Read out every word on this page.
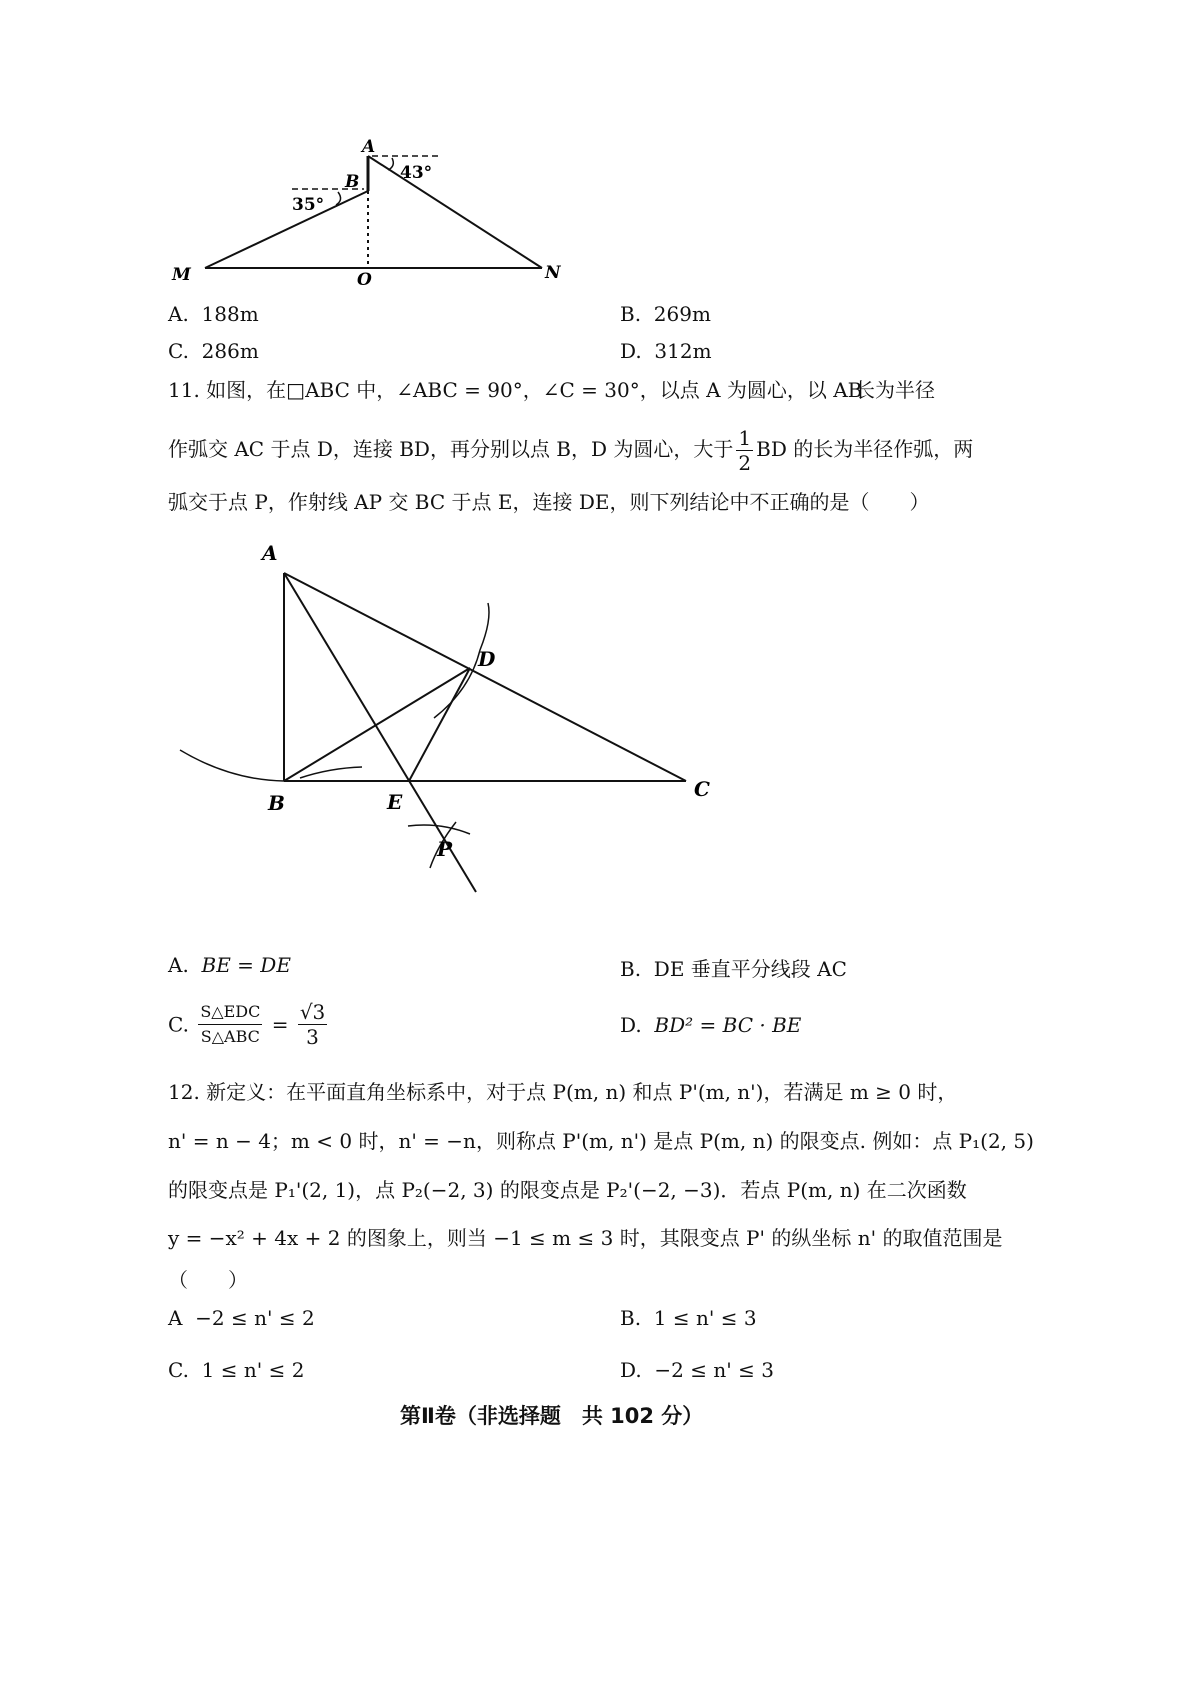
A
B
M	O	N
35°
43°
A. 188m	B. 269m
C. 286m	D. 312m
11. 如图，在□ABC 中，∠ABC = 90°，∠C = 30°，以点 A 为圆心，以 AB
长为半径
作弧交 AC 于点 D，连接 BD，再分别以点 B，D 为圆心，大于 $\frac{1}{2}$ BD 的长为半径作弧，两
弧交于点 P，作射线 AP 交 BC 于点 E，连接 DE，则下列结论中不正确的是（　　）
A
B
C
D
E
P
A. BE = DE	B. DE 垂直平分线段 AC
C. $\frac{\text{S△EDC}}{\text{S△ABC}} = \frac{√3}{3}$	D. BD² = BC · BE
12. 新定义：在平面直角坐标系中，对于点 P(m, n) 和点 P'(m, n')，若满足 m ≥ 0 时，
n' = n − 4；m < 0 时，n' = −n，则称点 P'(m, n') 是点 P(m, n) 的限变点. 例如：点 P₁(2, 5)
的限变点是 P₁'(2, 1)，点 P₂(−2, 3) 的限变点是 P₂'(−2, −3)．若点 P(m, n) 在二次函数
y = −x² + 4x + 2 的图象上，则当 −1 ≤ m ≤ 3 时，其限变点 P' 的纵坐标 n' 的取值范围是
（　　）
A −2 ≤ n' ≤ 2	B. 1 ≤ n' ≤ 3
C. 1 ≤ n' ≤ 2	D. −2 ≤ n' ≤ 3
第Ⅱ卷（非选择题　共 102 分）
